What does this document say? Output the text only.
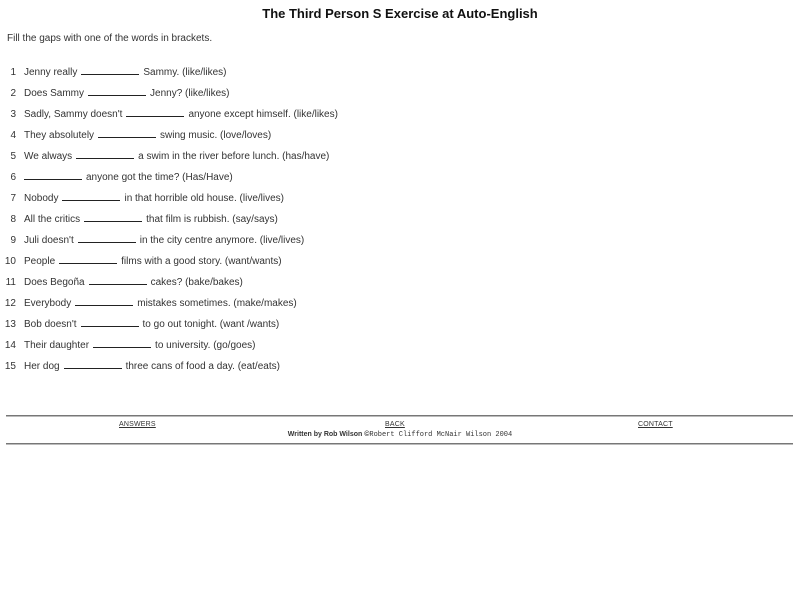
The Third Person S Exercise at Auto-English
Fill the gaps with one of the words in brackets.
1 Jenny really	Sammy. (like/likes)
2 Does Sammy	Jenny? (like/likes)
3 Sadly, Sammy doesn't	anyone except himself. (like/likes)
4 They absolutely	swing music. (love/loves)
5 We always	a swim in the river before lunch. (has/have)
6	anyone got the time? (Has/Have)
7 Nobody	in that horrible old house. (live/lives)
8 All the critics	that film is rubbish. (say/says)
9 Juli doesn't	in the city centre anymore. (live/lives)
10 People	films with a good story. (want/wants)
11 Does Begoña	cakes? (bake/bakes)
12 Everybody	mistakes sometimes. (make/makes)
13 Bob doesn't	to go out tonight. (want /wants)
14 Their daughter	to university. (go/goes)
15 Her dog	three cans of food a day. (eat/eats)
ANSWERS	BACK	CONTACT
Written by Rob Wilson ©Robert Clifford McNair Wilson 2004
